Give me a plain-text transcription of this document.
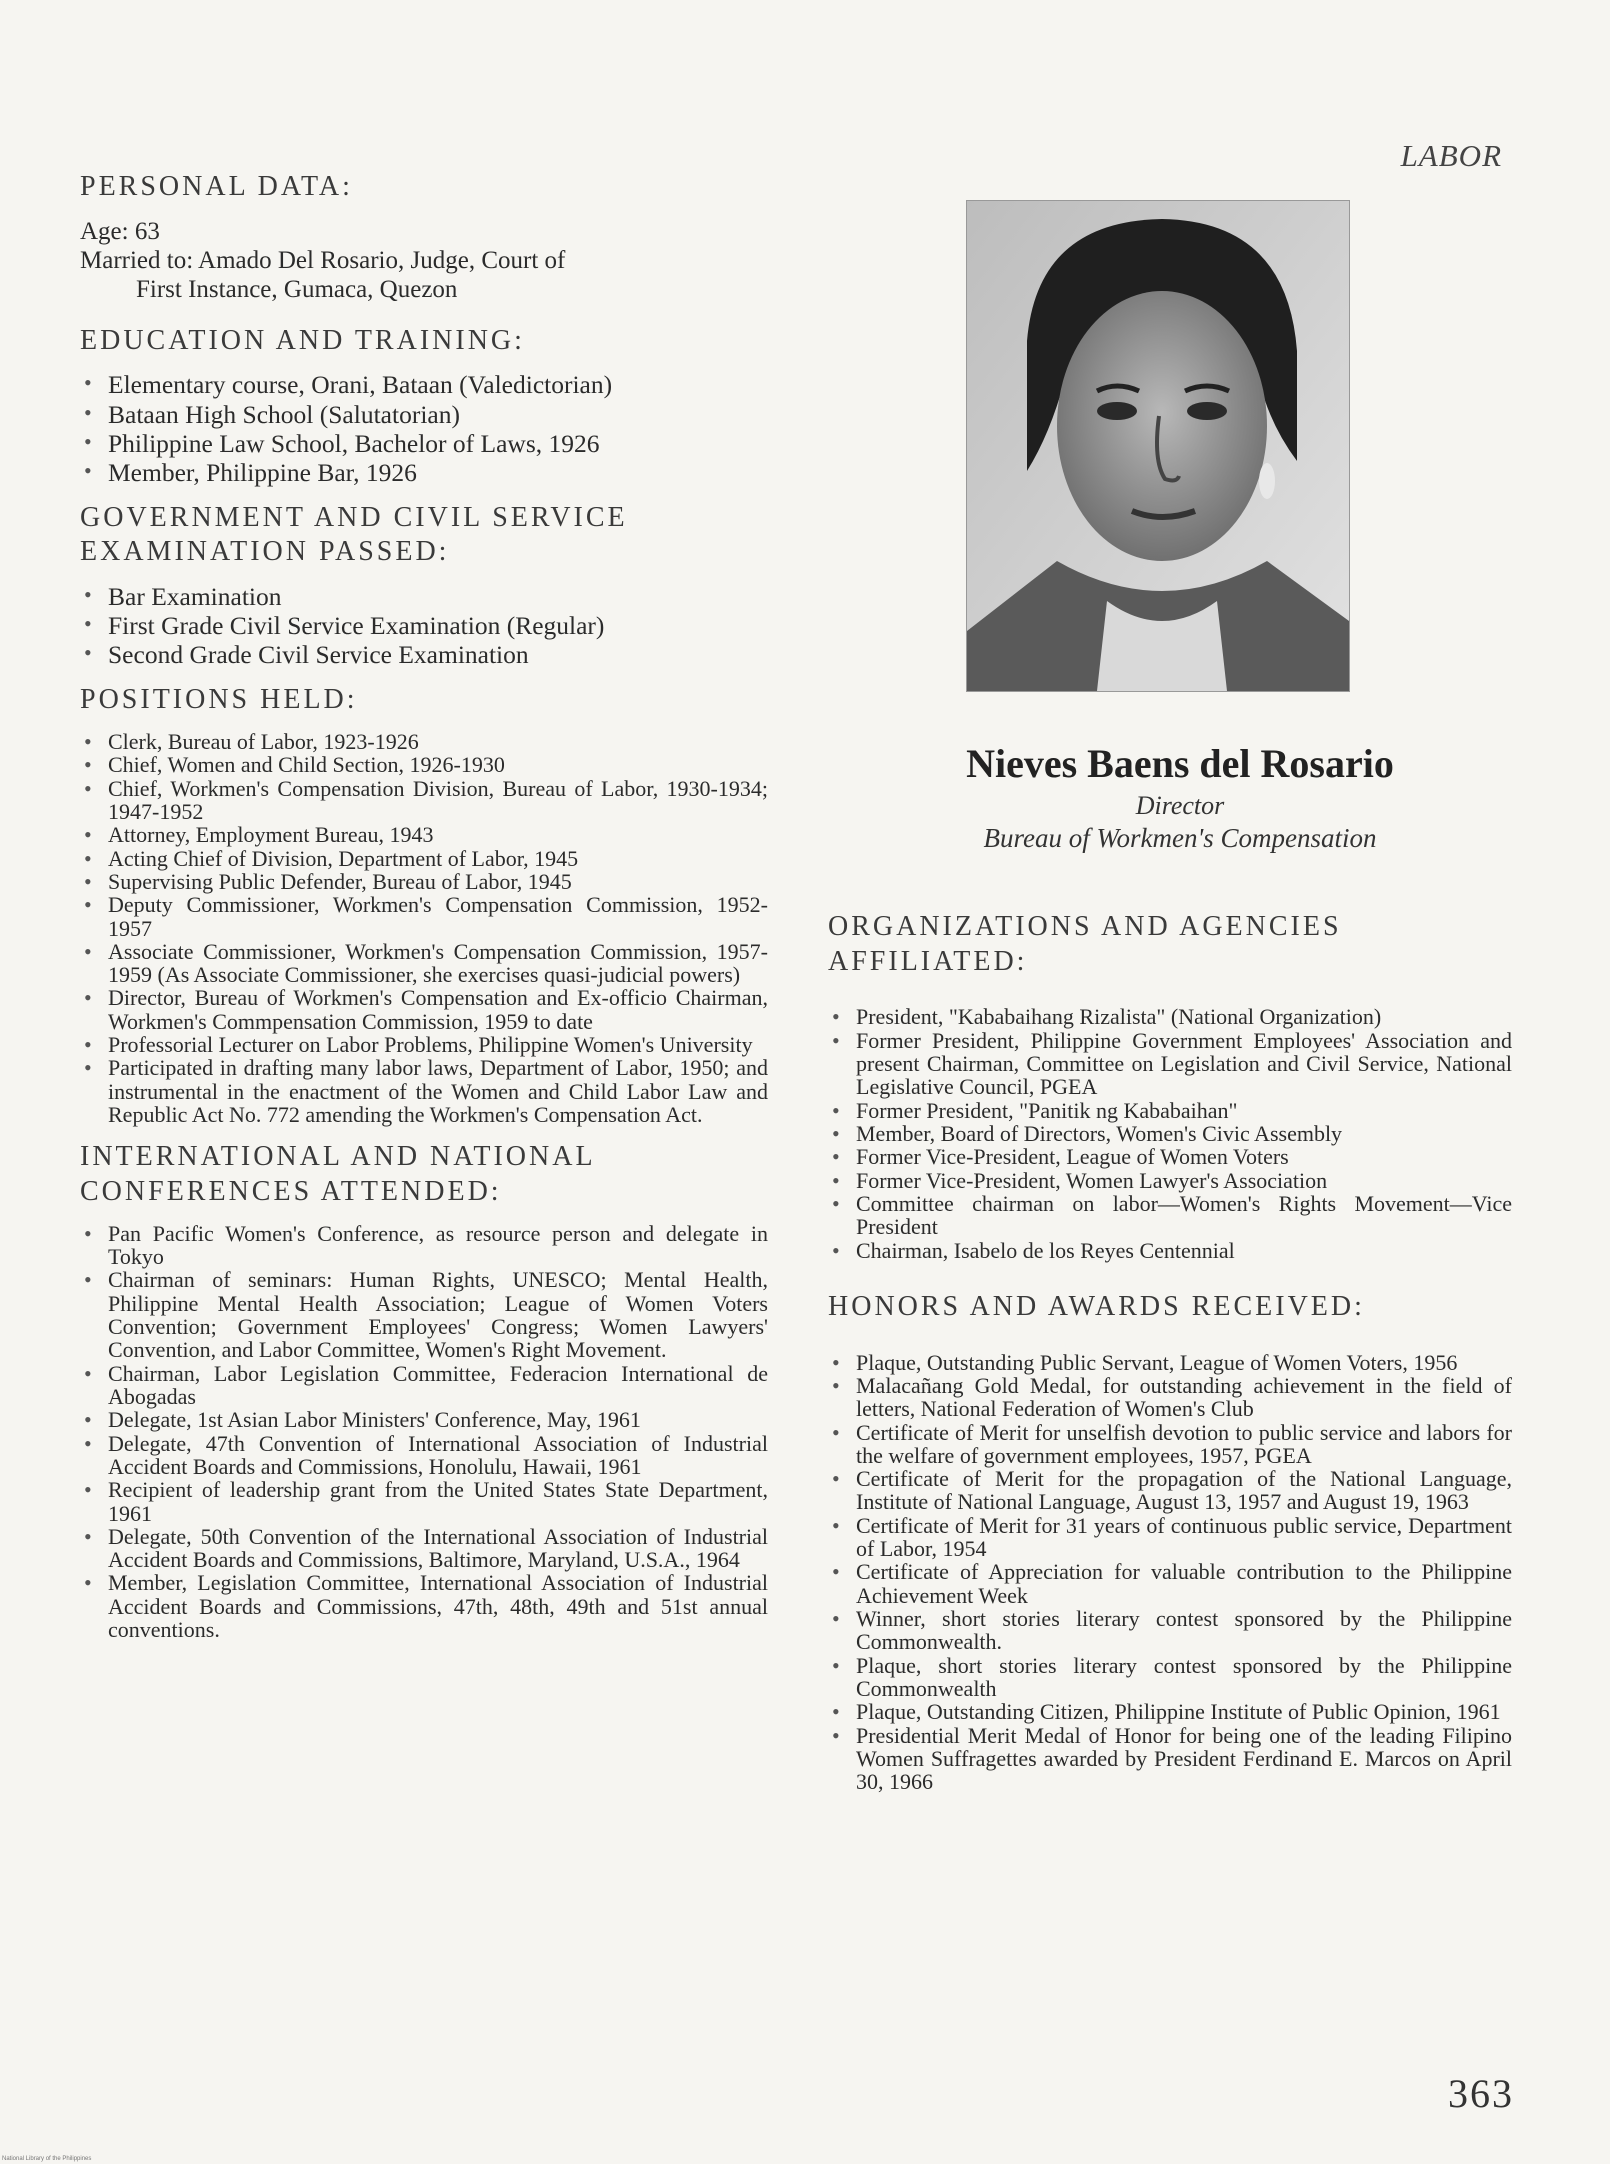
LABOR
PERSONAL DATA:

Age: 63

Married to: Amado Del Rosario, Judge, Court of
First Instance, Gumaca, Quezon

EDUCATION AND TRAINING:
• Elementary course, Orani, Bataan (Valedictorian)
• Bataan High School (Salutatorian)
• Philippine Law School, Bachelor of Laws, 1926
• Member, Philippine Bar, 1926
GOVERNMENT AND CIVIL SERVICE
EXAMINATION PASSED:
• Bar Examination
• First Grade Civil Service Examination (Regular)
• Second Grade Civil Service Examination
POSITIONS HELD:
• Clerk, Bureau of Labor, 1923-1926
• Chief, Women and Child Section, 1926-1930
• Chief, Workmen's Compensation Division, Bureau of Labor, 1930-1934; 1947-1952
• Attorney, Employment Bureau, 1943
• Acting Chief of Division, Department of Labor, 1945
• Supervising Public Defender, Bureau of Labor, 1945
• Deputy Commissioner, Workmen's Compensation Commission, 1952-1957
• Associate Commissioner, Workmen's Compensation Commission, 1957-1959 (As Associate Commissioner, she exercises quasi-judicial powers)
• Director, Bureau of Workmen's Compensation and Ex-officio Chairman, Workmen's Commpensation Commission, 1959 to date
• Professorial Lecturer on Labor Problems, Philippine Women's University
• Participated in drafting many labor laws, Department of Labor, 1950; and instrumental in the enactment of the Women and Child Labor Law and Republic Act No. 772 amending the Workmen's Compensation Act.
INTERNATIONAL AND NATIONAL
CONFERENCES ATTENDED:
• Pan Pacific Women's Conference, as resource person and delegate in Tokyo
• Chairman of seminars: Human Rights, UNESCO; Mental Health, Philippine Mental Health Association; League of Women Voters Convention; Government Employees' Congress; Women Lawyers' Convention, and Labor Committee, Women's Right Movement.
• Chairman, Labor Legislation Committee, Federacion International de Abogadas
• Delegate, 1st Asian Labor Ministers' Conference, May, 1961
• Delegate, 47th Convention of International Association of Industrial Accident Boards and Commissions, Honolulu, Hawaii, 1961
• Recipient of leadership grant from the United States State Department, 1961
• Delegate, 50th Convention of the International Association of Industrial Accident Boards and Commissions, Baltimore, Maryland, U.S.A., 1964
• Member, Legislation Committee, International Association of Industrial Accident Boards and Commissions, 47th, 48th, 49th and 51st annual conventions.

Nieves Baens del Rosario

Director

Bureau of Workmen's Compensation

ORGANIZATIONS AND AGENCIES
AFFILIATED:
• President, "Kababaihang Rizalista" (National Organization)
• Former President, Philippine Government Employees' Association and present Chairman, Committee on Legislation and Civil Service, National Legislative Council, PGEA
• Former President, "Panitik ng Kababaihan"
• Member, Board of Directors, Women's Civic Assembly
• Former Vice-President, League of Women Voters
• Former Vice-President, Women Lawyer's Association
• Committee chairman on labor—Women's Rights Movement—Vice President
• Chairman, Isabelo de los Reyes Centennial
HONORS AND AWARDS RECEIVED:
• Plaque, Outstanding Public Servant, League of Women Voters, 1956
• Malacañang Gold Medal, for outstanding achievement in the field of letters, National Federation of Women's Club
• Certificate of Merit for unselfish devotion to public service and labors for the welfare of government employees, 1957, PGEA
• Certificate of Merit for the propagation of the National Language, Institute of National Language, August 13, 1957 and August 19, 1963
• Certificate of Merit for 31 years of continuous public service, Department of Labor, 1954
• Certificate of Appreciation for valuable contribution to the Philippine Achievement Week
• Winner, short stories literary contest sponsored by the Philippine Commonwealth.
• Plaque, short stories literary contest sponsored by the Philippine Commonwealth
• Plaque, Outstanding Citizen, Philippine Institute of Public Opinion, 1961
• Presidential Merit Medal of Honor for being one of the leading Filipino Women Suffragettes awarded by President Ferdinand E. Marcos on April 30, 1966
363
National Library of the Philippines
